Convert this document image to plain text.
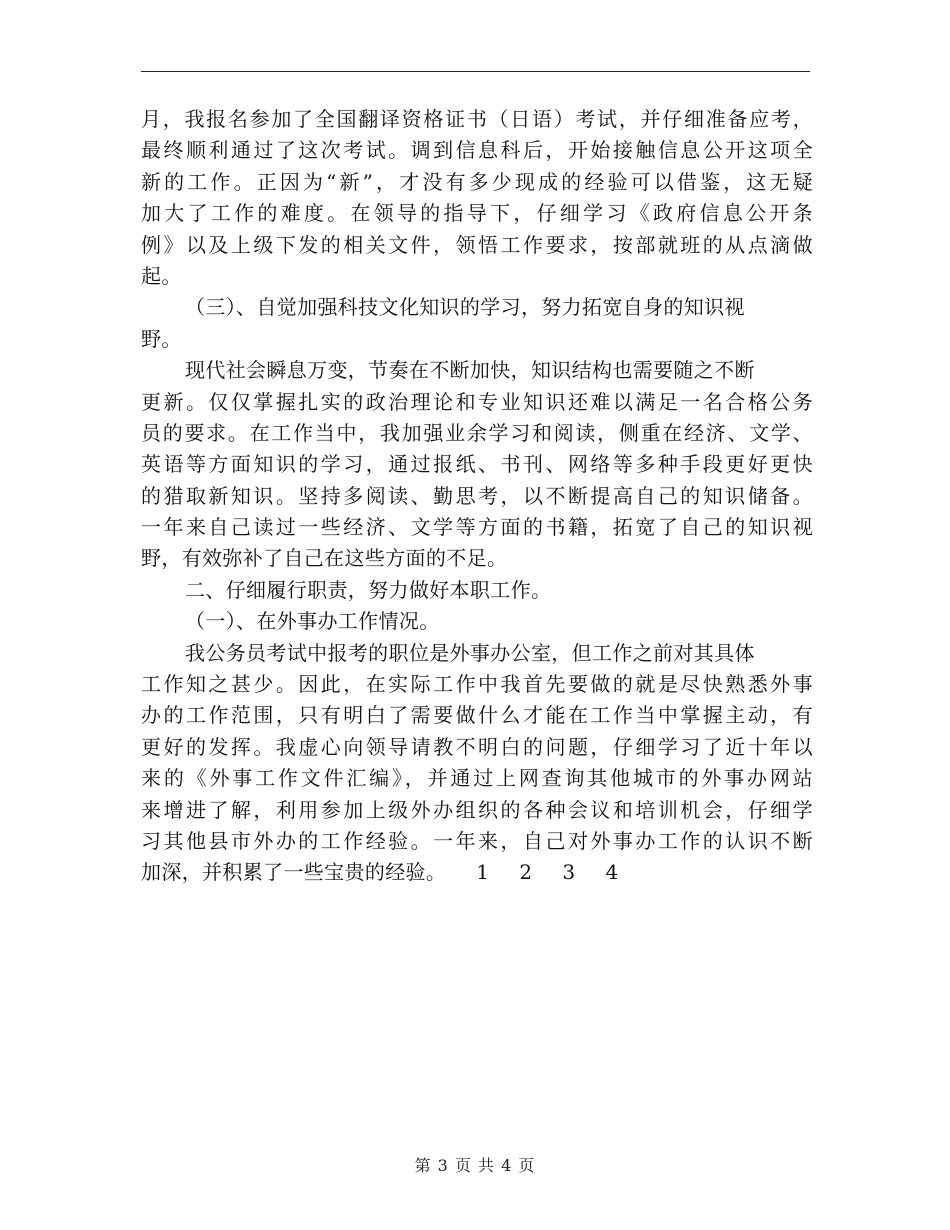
月，我报名参加了全国翻译资格证书（日语）考试，并仔细准备应考，
最终顺利通过了这次考试。调到信息科后，开始接触信息公开这项全
新的工作。正因为“新”，才没有多少现成的经验可以借鉴，这无疑
加大了工作的难度。在领导的指导下，仔细学习《政府信息公开条
例》以及上级下发的相关文件，领悟工作要求，按部就班的从点滴做
起。
（三）、自觉加强科技文化知识的学习，努力拓宽自身的知识视
野。
现代社会瞬息万变，节奏在不断加快，知识结构也需要随之不断
更新。仅仅掌握扎实的政治理论和专业知识还难以满足一名合格公务
员的要求。在工作当中，我加强业余学习和阅读，侧重在经济、文学、
英语等方面知识的学习，通过报纸、书刊、网络等多种手段更好更快
的猎取新知识。坚持多阅读、勤思考，以不断提高自己的知识储备。
一年来自己读过一些经济、文学等方面的书籍，拓宽了自己的知识视
野，有效弥补了自己在这些方面的不足。
二、仔细履行职责，努力做好本职工作。
（一）、在外事办工作情况。
我公务员考试中报考的职位是外事办公室，但工作之前对其具体
工作知之甚少。因此，在实际工作中我首先要做的就是尽快熟悉外事
办的工作范围，只有明白了需要做什么才能在工作当中掌握主动，有
更好的发挥。我虚心向领导请教不明白的问题，仔细学习了近十年以
来的《外事工作文件汇编》，并通过上网查询其他城市的外事办网站
来增进了解，利用参加上级外办组织的各种会议和培训机会，仔细学
习其他县市外办的工作经验。一年来，自己对外事办工作的认识不断
加深，并积累了一些宝贵的经验。 1 2 3 4
第 3 页 共 4 页
